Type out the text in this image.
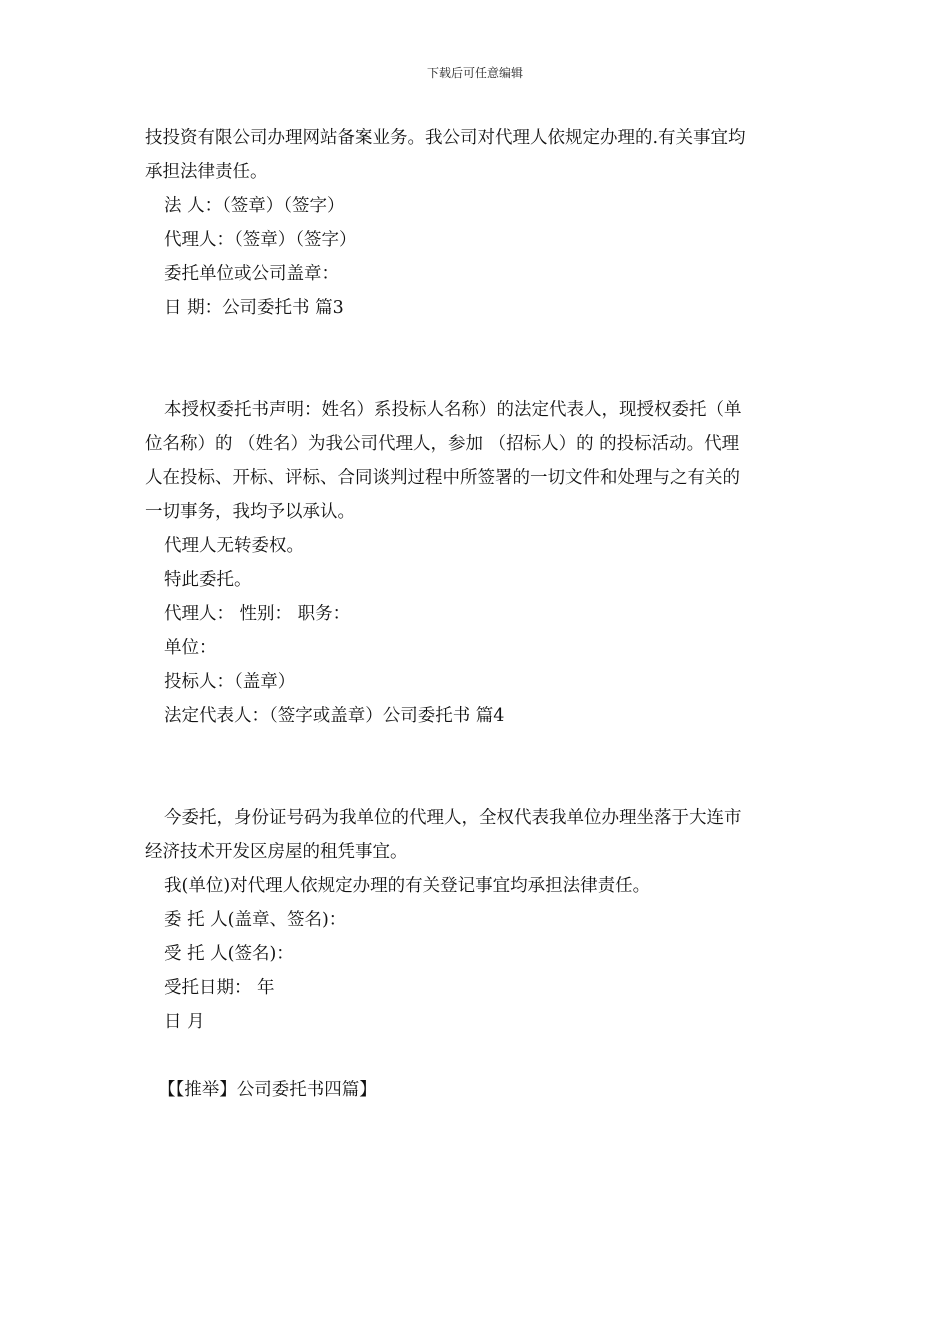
下载后可任意编辑

技投资有限公司办理网站备案业务。我公司对代理人依规定办理的.有关事宜均

承担法律责任。

法 人：（签章）（签字）

代理人：（签章）（签字）

委托单位或公司盖章：

日 期：公司委托书 篇3

本授权委托书声明：姓名）系投标人名称）的法定代表人，现授权委托（单

位名称）的 （姓名）为我公司代理人，参加 （招标人）的 的投标活动。代理

人在投标、开标、评标、合同谈判过程中所签署的一切文件和处理与之有关的

一切事务，我均予以承认。

代理人无转委权。

特此委托。

代理人： 性别： 职务：

单位：

投标人：（盖章）

法定代表人：（签字或盖章）公司委托书 篇4

今委托，身份证号码为我单位的代理人，全权代表我单位办理坐落于大连市

经济技术开发区房屋的租凭事宜。

我(单位)对代理人依规定办理的有关登记事宜均承担法律责任。

委 托 人(盖章、签名)：

受 托 人(签名)：

受托日期： 年

日 月

【【推举】公司委托书四篇】
